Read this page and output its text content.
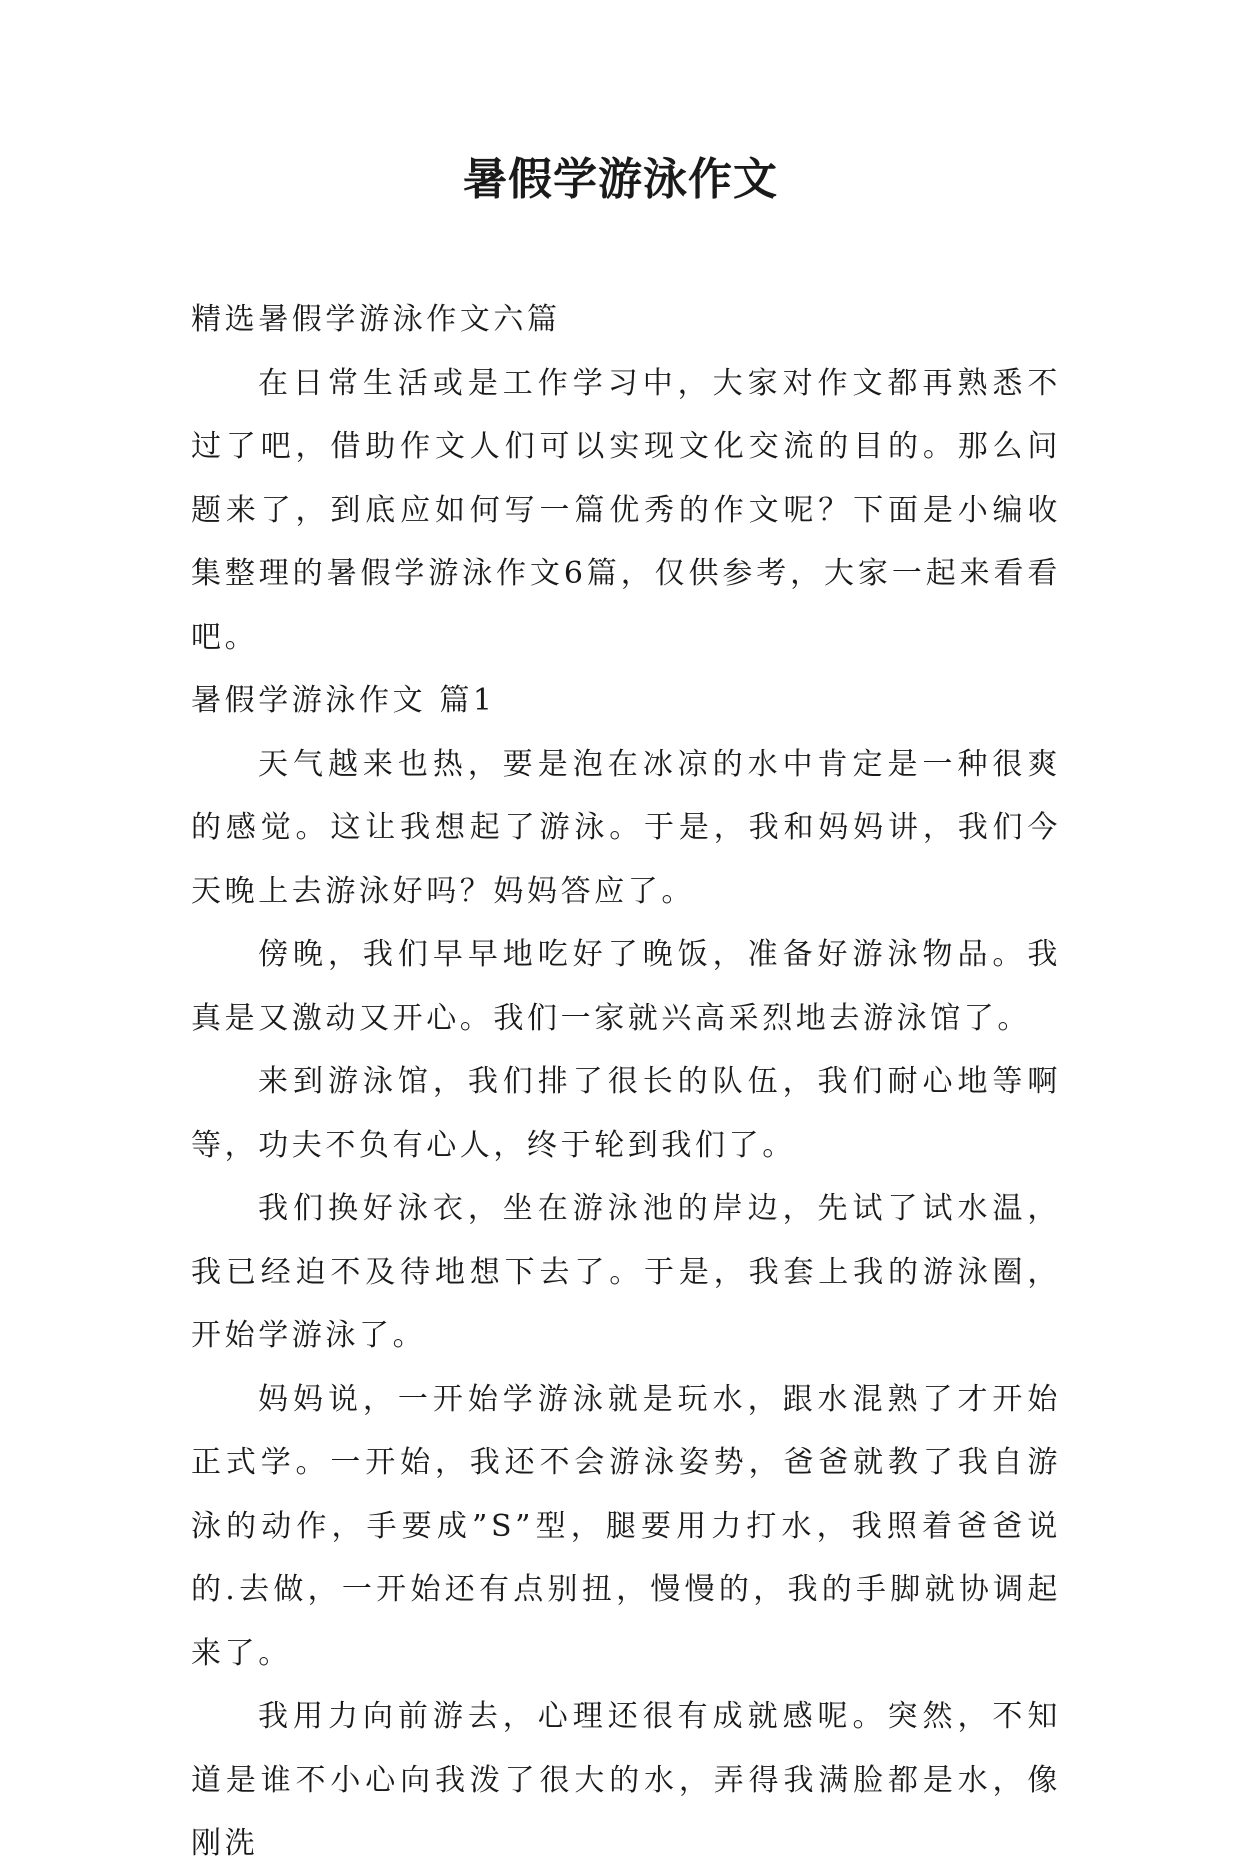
暑假学游泳作文

精选暑假学游泳作文六篇

在日常生活或是工作学习中，大家对作文都再熟悉不过了吧，借助作文人们可以实现文化交流的目的。那么问题来了，到底应如何写一篇优秀的作文呢？下面是小编收集整理的暑假学游泳作文6篇，仅供参考，大家一起来看看吧。

暑假学游泳作文 篇1

天气越来也热，要是泡在冰凉的水中肯定是一种很爽的感觉。这让我想起了游泳。于是，我和妈妈讲，我们今天晚上去游泳好吗？妈妈答应了。

傍晚，我们早早地吃好了晚饭，准备好游泳物品。我真是又激动又开心。我们一家就兴高采烈地去游泳馆了。

来到游泳馆，我们排了很长的队伍，我们耐心地等啊等，功夫不负有心人，终于轮到我们了。

我们换好泳衣，坐在游泳池的岸边，先试了试水温，我已经迫不及待地想下去了。于是，我套上我的游泳圈，开始学游泳了。

妈妈说，一开始学游泳就是玩水，跟水混熟了才开始正式学。一开始，我还不会游泳姿势，爸爸就教了我自游泳的动作，手要成”S”型，腿要用力打水，我照着爸爸说的.去做，一开始还有点别扭，慢慢的，我的手脚就协调起来了。

我用力向前游去，心理还很有成就感呢。突然，不知道是谁不小心向我泼了很大的水，弄得我满脸都是水，像刚洗
